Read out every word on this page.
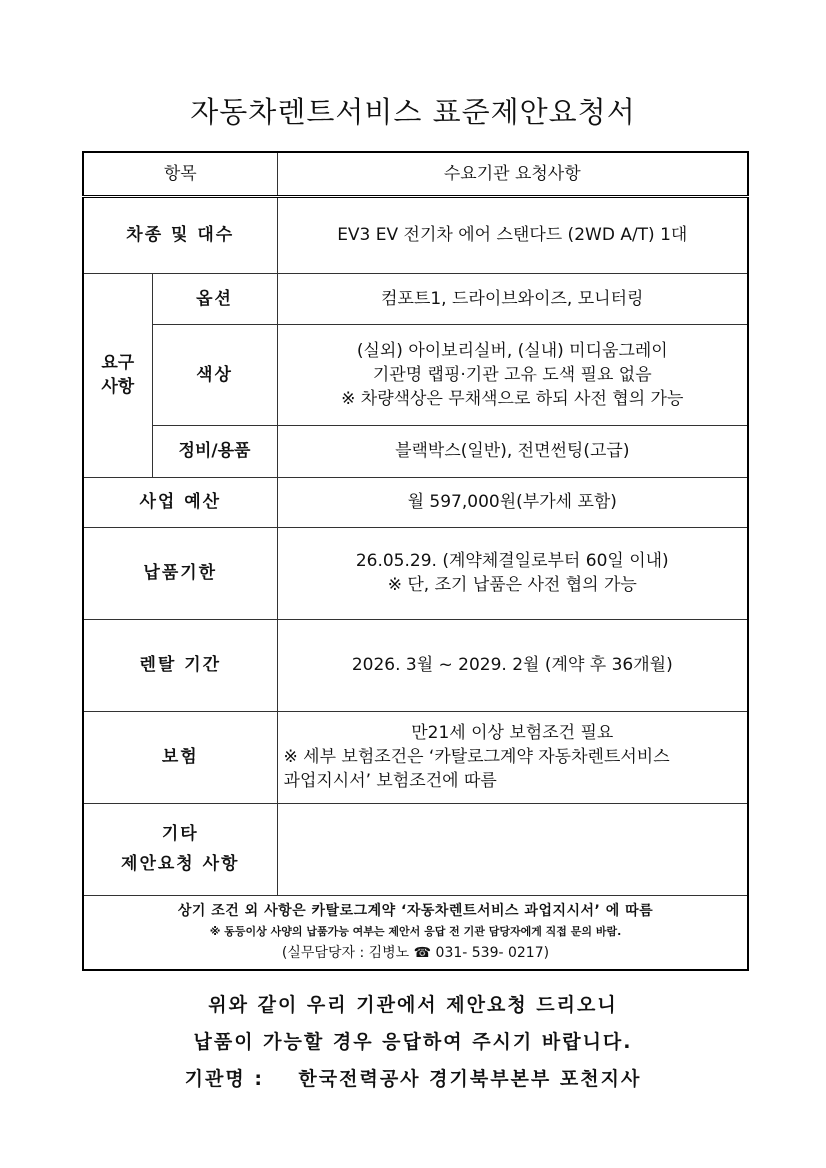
자동차렌트서비스 표준제안요청서
항목		수요기관 요청사항
차종 및 대수		EV3 EV 전기차 에어 스탠다드 (2WD A/T) 1대
요구
사항	옵션	컴포트1, 드라이브와이즈, 모니터링
	색상	(실외) 아이보리실버, (실내) 미디움그레이
기관명 랩핑·기관 고유 도색 필요 없음
※ 차량색상은 무채색으로 하되 사전 협의 가능

	정비/용품	블랙박스(일반), 전면썬팅(고급)
사업 예산		월 597,000원(부가세 포함)
납품기한		26.05.29. (계약체결일로부터 60일 이내)
※ 단, 조기 납품은 사전 협의 가능

렌탈 기간		2026. 3월 ~ 2029. 2월 (계약 후 36개월)
보험		만21세 이상 보험조건 필요
※ 세부 보험조건은 ‘카탈로그계약 자동차렌트서비스
과업지시서’ 보험조건에 따름

기타
제안요청 사항		

상기 조건 외 사항은 카탈로그계약 ‘자동차렌트서비스 과업지시서’ 에 따름
※ 동등이상 사양의 납품가능 여부는 제안서 응답 전 기관 담당자에게 직접 문의 바람.
(실무담당자 : 김병노 ☎ 031- 539- 0217)		
위와 같이 우리 기관에서 제안요청 드리오니
납품이 가능할 경우 응답하여 주시기 바랍니다.
기관명 :    한국전력공사 경기북부본부 포천지사
